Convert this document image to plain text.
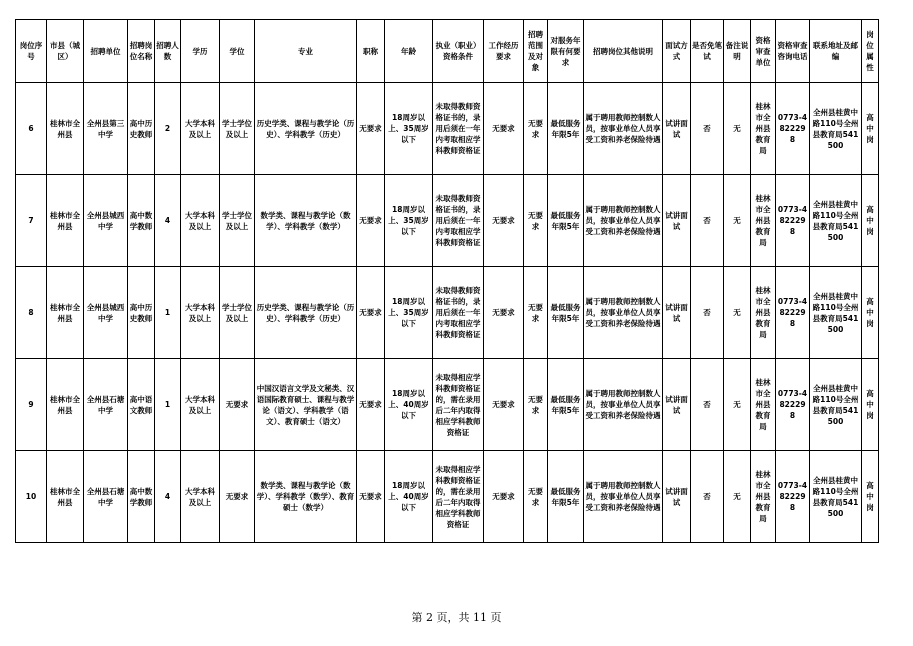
岗位序号	市县（城区）	招聘单位	招聘岗位名称	招聘人数	学历	学位	专业	职称	年龄	执业（职业）资格条件	工作经历要求	招聘范围及对象	对服务年限有何要求	招聘岗位其他说明	面试方式	是否免笔试	备注说明	资格审查单位	资格审查咨询电话	联系地址及邮编	岗位属性
6	桂林市全州县	全州县第三中学	高中历史教师	2	大学本科及以上	学士学位及以上	历史学类、课程与教学论（历史）、学科教学（历史）	无要求	18周岁以上、35周岁以下	未取得教师资格证书的，录用后须在一年内考取相应学科教师资格证	无要求	无要求	最低服务年限5年	属于聘用教师控制数人员，按事业单位人员享受工资和养老保险待遇	试讲面试	否	无	桂林市全州县教育局	0773-4822298	全州县桂黄中路110号全州县教育局541500	高中岗
7	桂林市全州县	全州县城西中学	高中数学教师	4	大学本科及以上	学士学位及以上	数学类、课程与教学论（数学）、学科教学（数学）	无要求	18周岁以上、35周岁以下	未取得教师资格证书的，录用后须在一年内考取相应学科教师资格证	无要求	无要求	最低服务年限5年	属于聘用教师控制数人员，按事业单位人员享受工资和养老保险待遇	试讲面试	否	无	桂林市全州县教育局	0773-4822298	全州县桂黄中路110号全州县教育局541500	高中岗
8	桂林市全州县	全州县城西中学	高中历史教师	1	大学本科及以上	学士学位及以上	历史学类、课程与教学论（历史）、学科教学（历史）	无要求	18周岁以上、35周岁以下	未取得教师资格证书的，录用后须在一年内考取相应学科教师资格证	无要求	无要求	最低服务年限5年	属于聘用教师控制数人员，按事业单位人员享受工资和养老保险待遇	试讲面试	否	无	桂林市全州县教育局	0773-4822298	全州县桂黄中路110号全州县教育局541500	高中岗
9	桂林市全州县	全州县石塘中学	高中语文教师	1	大学本科及以上	无要求	中国汉语言文学及文秘类、汉语国际教育硕士、课程与教学论（语文）、学科教学（语文）、教育硕士（语文）	无要求	18周岁以上、40周岁以下	未取得相应学科教师资格证的，需在录用后二年内取得相应学科教师资格证	无要求	无要求	最低服务年限5年	属于聘用教师控制数人员，按事业单位人员享受工资和养老保险待遇	试讲面试	否	无	桂林市全州县教育局	0773-4822298	全州县桂黄中路110号全州县教育局541500	高中岗
10	桂林市全州县	全州县石塘中学	高中数学教师	4	大学本科及以上	无要求	数学类、课程与教学论（数学）、学科教学（数学）、教育硕士（数学）	无要求	18周岁以上、40周岁以下	未取得相应学科教师资格证的，需在录用后二年内取得相应学科教师资格证	无要求	无要求	最低服务年限5年	属于聘用教师控制数人员，按事业单位人员享受工资和养老保险待遇	试讲面试	否	无	桂林市全州县教育局	0773-4822298	全州县桂黄中路110号全州县教育局541500	高中岗
第 2 页，共 11 页
